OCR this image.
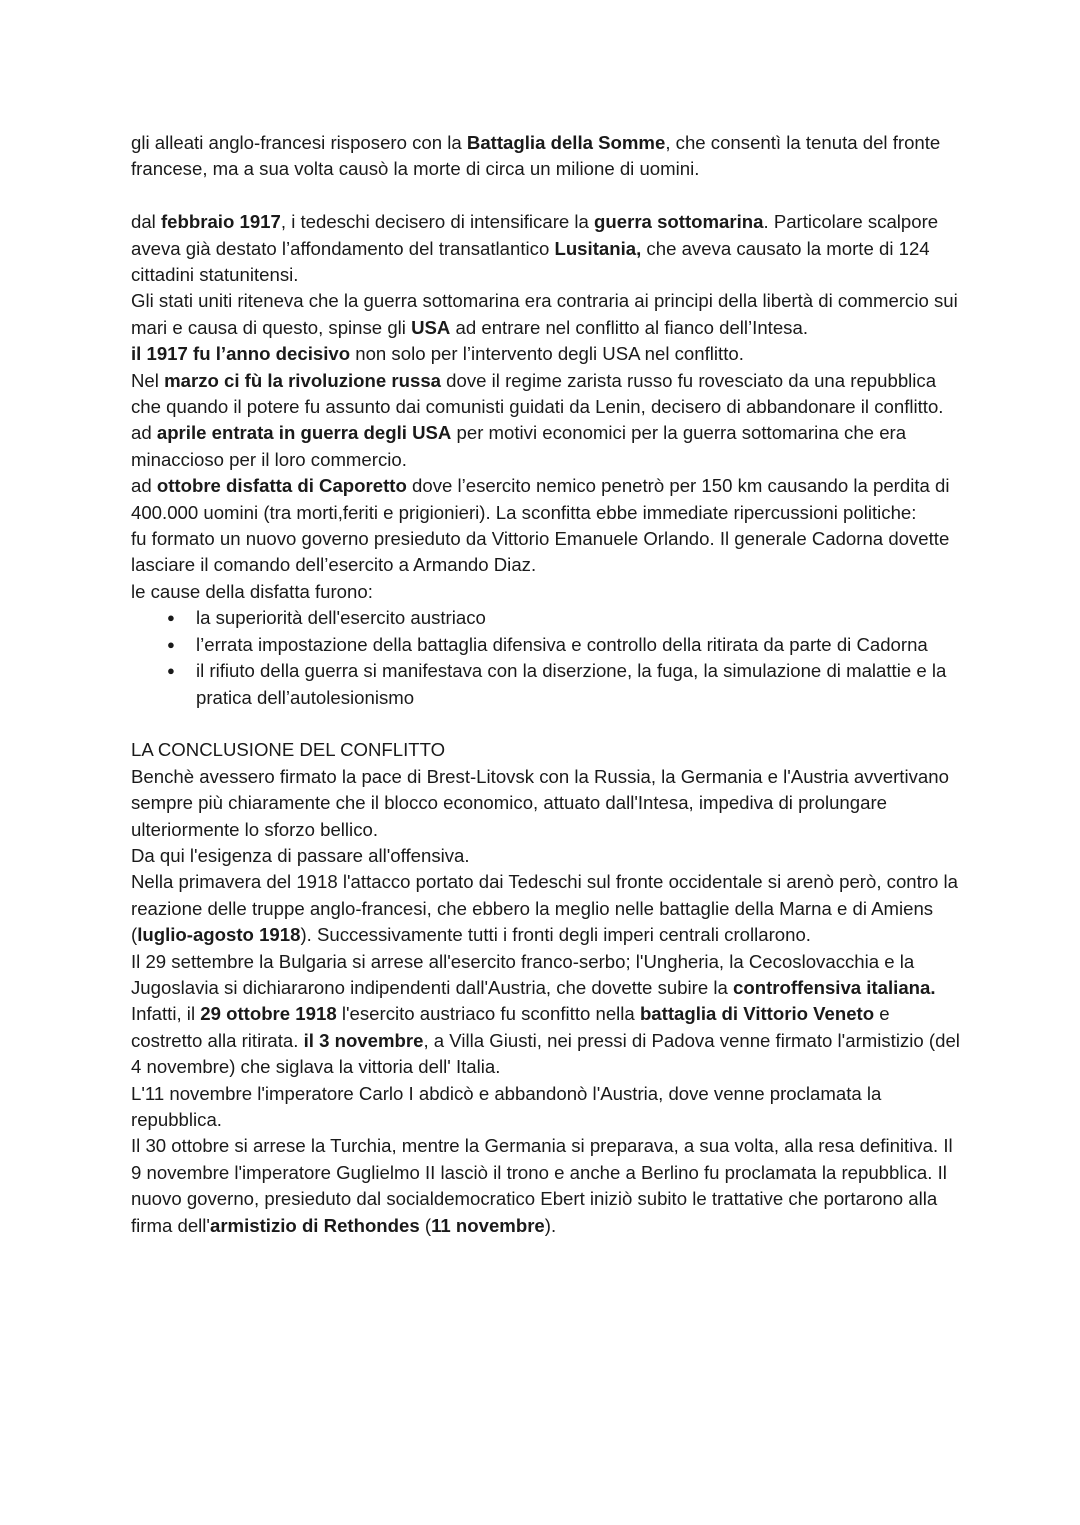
gli alleati anglo-francesi risposero con la Battaglia della Somme, che consentì la tenuta del fronte francese, ma a sua volta causò la morte di circa un milione di uomini.

dal febbraio 1917, i tedeschi decisero di intensificare la guerra sottomarina. Particolare scalpore aveva già destato l’affondamento del transatlantico Lusitania, che aveva causato la morte di 124 cittadini statunitensi.

Gli stati uniti riteneva che la guerra sottomarina era contraria ai principi della libertà di commercio sui mari e causa di questo, spinse gli USA ad entrare nel conflitto al fianco dell’Intesa.

il 1917 fu l’anno decisivo non solo per l’intervento degli USA nel conflitto.

Nel marzo ci fù la rivoluzione russa dove il regime zarista russo fu rovesciato da una repubblica che quando il potere fu assunto dai comunisti guidati da Lenin, decisero di abbandonare il conflitto.

ad aprile entrata in guerra degli USA per motivi economici per la guerra sottomarina che era minaccioso per il loro commercio.

ad ottobre disfatta di Caporetto dove l’esercito nemico penetrò per 150 km causando la perdita di 400.000 uomini (tra morti,feriti e prigionieri). La sconfitta ebbe immediate ripercussioni politiche:

fu formato un nuovo governo presieduto da Vittorio Emanuele Orlando. Il generale Cadorna dovette lasciare il comando dell’esercito a Armando Diaz.

le cause della disfatta furono:

● la superiorità dell'esercito austriaco
● l’errata impostazione della battaglia difensiva e controllo della ritirata da parte di Cadorna
● il rifiuto della guerra si manifestava con la diserzione, la fuga, la simulazione di malattie e la pratica dell’autolesionismo

LA CONCLUSIONE DEL CONFLITTO

Benchè avessero firmato la pace di Brest-Litovsk con la Russia, la Germania e l'Austria avvertivano sempre più chiaramente che il blocco economico, attuato dall'Intesa, impediva di prolungare ulteriormente lo sforzo bellico.

Da qui l'esigenza di passare all'offensiva.

Nella primavera del 1918 l'attacco portato dai Tedeschi sul fronte occidentale si arenò però, contro la reazione delle truppe anglo-francesi, che ebbero la meglio nelle battaglie della Marna e di Amiens (luglio-agosto 1918). Successivamente tutti i fronti degli imperi centrali crollarono.

Il 29 settembre la Bulgaria si arrese all'esercito franco-serbo; l'Ungheria, la Cecoslovacchia e la Jugoslavia si dichiararono indipendenti dall'Austria, che dovette subire la controffensiva italiana. Infatti, il 29 ottobre 1918 l'esercito austriaco fu sconfitto nella battaglia di Vittorio Veneto e costretto alla ritirata. il 3 novembre, a Villa Giusti, nei pressi di Padova venne firmato l'armistizio (del 4 novembre) che siglava la vittoria dell' Italia.

L'11 novembre l'imperatore Carlo I abdicò e abbandonò l'Austria, dove venne proclamata la repubblica.

Il 30 ottobre si arrese la Turchia, mentre la Germania si preparava, a sua volta, alla resa definitiva. Il 9 novembre l'imperatore Guglielmo II lasciò il trono e anche a Berlino fu proclamata la repubblica. Il nuovo governo, presieduto dal socialdemocratico Ebert iniziò subito le trattative che portarono alla firma dell'armistizio di Rethondes (11 novembre).
